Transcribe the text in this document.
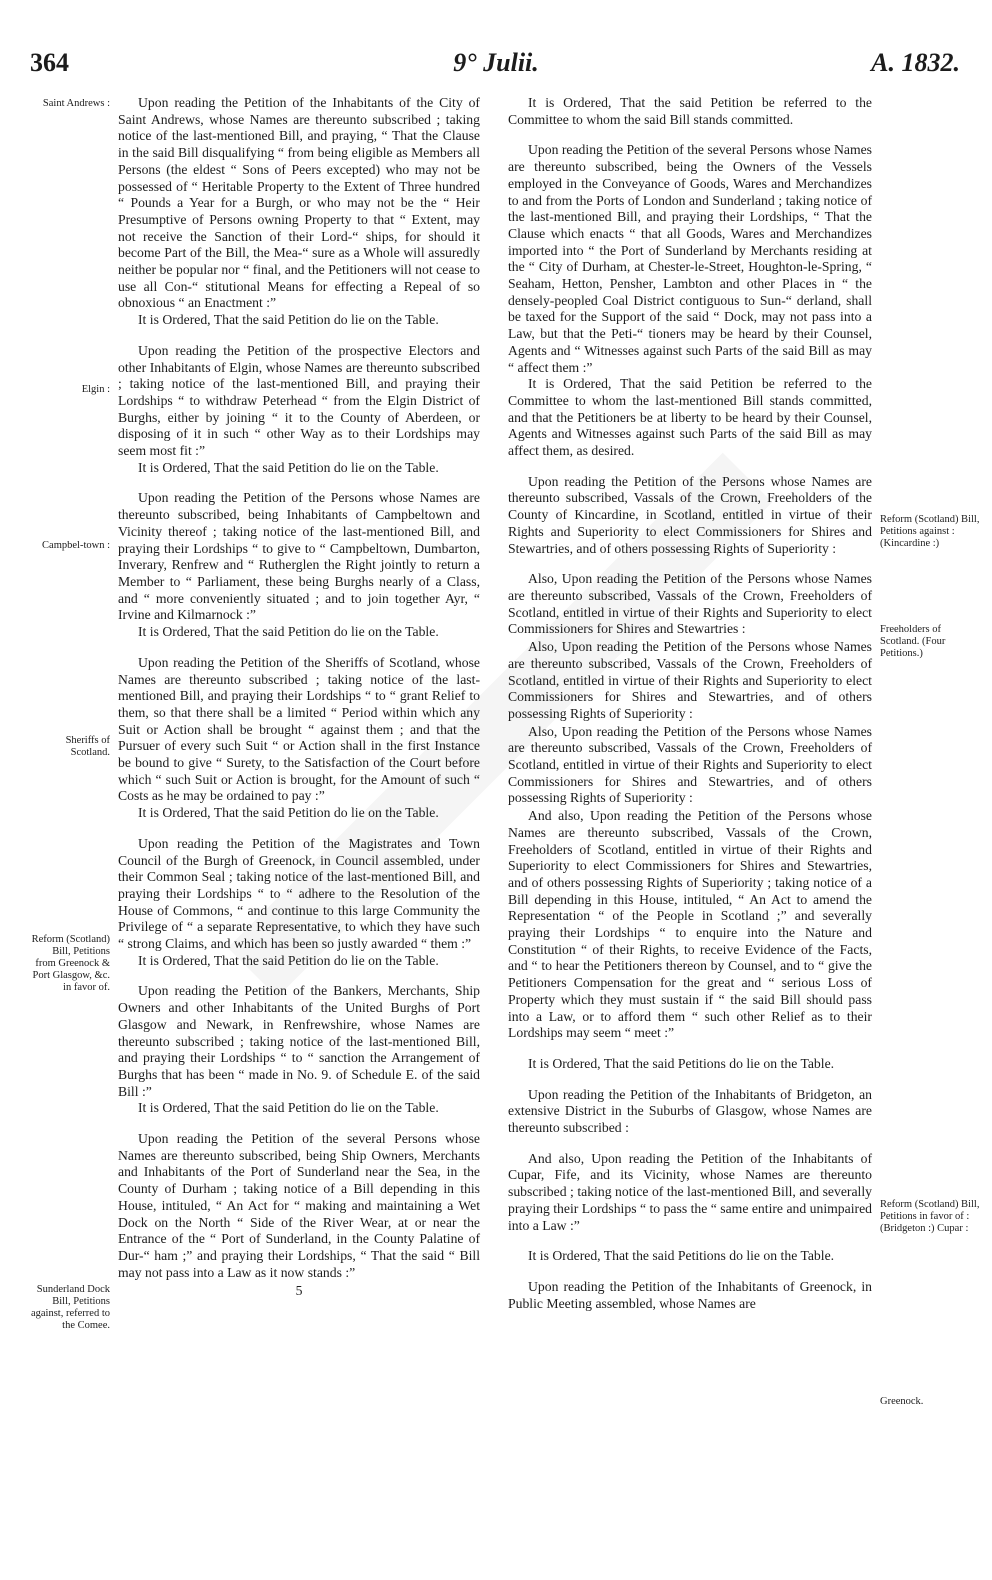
364	9° Julii.	A. 1832.
Saint Andrews :
Elgin :
Campbel-town :
Sheriffs of Scotland.
Reform (Scotland) Bill, Petitions from Greenock & Port Glasgow, &c. in favor of.
Sunderland Dock Bill, Petitions against, referred to the Comee.
Reform (Scotland) Bill, Petitions against : (Kincardine :)
Freeholders of Scotland. (Four Petitions.)
Reform (Scotland) Bill, Petitions in favor of : (Bridgeton :) Cupar :
Greenock.

Upon reading the Petition of the Inhabitants of the City of Saint Andrews, whose Names are thereunto subscribed ; taking notice of the last-mentioned Bill, and praying, “ That the Clause in the said Bill disqualifying “ from being eligible as Members all Persons (the eldest “ Sons of Peers excepted) who may not be possessed of “ Heritable Property to the Extent of Three hundred “ Pounds a Year for a Burgh, or who may not be the “ Heir Presumptive of Persons owning Property to that “ Extent, may not receive the Sanction of their Lord-“ ships, for should it become Part of the Bill, the Mea-“ sure as a Whole will assuredly neither be popular nor “ final, and the Petitioners will not cease to use all Con-“ stitutional Means for effecting a Repeal of so obnoxious “ an Enactment :”

It is Ordered, That the said Petition do lie on the Table.

Upon reading the Petition of the prospective Electors and other Inhabitants of Elgin, whose Names are thereunto subscribed ; taking notice of the last-mentioned Bill, and praying their Lordships “ to withdraw Peterhead “ from the Elgin District of Burghs, either by joining “ it to the County of Aberdeen, or disposing of it in such “ other Way as to their Lordships may seem most fit :”

It is Ordered, That the said Petition do lie on the Table.

Upon reading the Petition of the Persons whose Names are thereunto subscribed, being Inhabitants of Campbeltown and Vicinity thereof ; taking notice of the last-mentioned Bill, and praying their Lordships “ to give to “ Campbeltown, Dumbarton, Inverary, Renfrew and “ Rutherglen the Right jointly to return a Member to “ Parliament, these being Burghs nearly of a Class, and “ more conveniently situated ; and to join together Ayr, “ Irvine and Kilmarnock :”

It is Ordered, That the said Petition do lie on the Table.

Upon reading the Petition of the Sheriffs of Scotland, whose Names are thereunto subscribed ; taking notice of the last-mentioned Bill, and praying their Lordships “ to “ grant Relief to them, so that there shall be a limited “ Period within which any Suit or Action shall be brought “ against them ; and that the Pursuer of every such Suit “ or Action shall in the first Instance be bound to give “ Surety, to the Satisfaction of the Court before which “ such Suit or Action is brought, for the Amount of such “ Costs as he may be ordained to pay :”

It is Ordered, That the said Petition do lie on the Table.

Upon reading the Petition of the Magistrates and Town Council of the Burgh of Greenock, in Council assembled, under their Common Seal ; taking notice of the last-mentioned Bill, and praying their Lordships “ to “ adhere to the Resolution of the House of Commons, “ and continue to this large Community the Privilege of “ a separate Representative, to which they have such “ strong Claims, and which has been so justly awarded “ them :”

It is Ordered, That the said Petition do lie on the Table.

Upon reading the Petition of the Bankers, Merchants, Ship Owners and other Inhabitants of the United Burghs of Port Glasgow and Newark, in Renfrewshire, whose Names are thereunto subscribed ; taking notice of the last-mentioned Bill, and praying their Lordships “ to “ sanction the Arrangement of Burghs that has been “ made in No. 9. of Schedule E. of the said Bill :”

It is Ordered, That the said Petition do lie on the Table.

Upon reading the Petition of the several Persons whose Names are thereunto subscribed, being Ship Owners, Merchants and Inhabitants of the Port of Sunderland near the Sea, in the County of Durham ; taking notice of a Bill depending in this House, intituled, “ An Act for “ making and maintaining a Wet Dock on the North “ Side of the River Wear, at or near the Entrance of the “ Port of Sunderland, in the County Palatine of Dur-“ ham ;” and praying their Lordships, “ That the said “ Bill may not pass into a Law as it now stands :”

5

It is Ordered, That the said Petition be referred to the Committee to whom the said Bill stands committed.

Upon reading the Petition of the several Persons whose Names are thereunto subscribed, being the Owners of the Vessels employed in the Conveyance of Goods, Wares and Merchandizes to and from the Ports of London and Sunderland ; taking notice of the last-mentioned Bill, and praying their Lordships, “ That the Clause which enacts “ that all Goods, Wares and Merchandizes imported into “ the Port of Sunderland by Merchants residing at the “ City of Durham, at Chester-le-Street, Houghton-le-Spring, “ Seaham, Hetton, Pensher, Lambton and other Places in “ the densely-peopled Coal District contiguous to Sun-“ derland, shall be taxed for the Support of the said “ Dock, may not pass into a Law, but that the Peti-“ tioners may be heard by their Counsel, Agents and “ Witnesses against such Parts of the said Bill as may “ affect them :”

It is Ordered, That the said Petition be referred to the Committee to whom the last-mentioned Bill stands committed, and that the Petitioners be at liberty to be heard by their Counsel, Agents and Witnesses against such Parts of the said Bill as may affect them, as desired.

Upon reading the Petition of the Persons whose Names are thereunto subscribed, Vassals of the Crown, Freeholders of the County of Kincardine, in Scotland, entitled in virtue of their Rights and Superiority to elect Commissioners for Shires and Stewartries, and of others possessing Rights of Superiority :

Also, Upon reading the Petition of the Persons whose Names are thereunto subscribed, Vassals of the Crown, Freeholders of Scotland, entitled in virtue of their Rights and Superiority to elect Commissioners for Shires and Stewartries :

Also, Upon reading the Petition of the Persons whose Names are thereunto subscribed, Vassals of the Crown, Freeholders of Scotland, entitled in virtue of their Rights and Superiority to elect Commissioners for Shires and Stewartries, and of others possessing Rights of Superiority :

Also, Upon reading the Petition of the Persons whose Names are thereunto subscribed, Vassals of the Crown, Freeholders of Scotland, entitled in virtue of their Rights and Superiority to elect Commissioners for Shires and Stewartries, and of others possessing Rights of Superiority :

And also, Upon reading the Petition of the Persons whose Names are thereunto subscribed, Vassals of the Crown, Freeholders of Scotland, entitled in virtue of their Rights and Superiority to elect Commissioners for Shires and Stewartries, and of others possessing Rights of Superiority ; taking notice of a Bill depending in this House, intituled, “ An Act to amend the Representation “ of the People in Scotland ;” and severally praying their Lordships “ to enquire into the Nature and Constitution “ of their Rights, to receive Evidence of the Facts, and “ to hear the Petitioners thereon by Counsel, and to “ give the Petitioners Compensation for the great and “ serious Loss of Property which they must sustain if “ the said Bill should pass into a Law, or to afford them “ such other Relief as to their Lordships may seem “ meet :”

It is Ordered, That the said Petitions do lie on the Table.

Upon reading the Petition of the Inhabitants of Bridgeton, an extensive District in the Suburbs of Glasgow, whose Names are thereunto subscribed :

And also, Upon reading the Petition of the Inhabitants of Cupar, Fife, and its Vicinity, whose Names are thereunto subscribed ; taking notice of the last-mentioned Bill, and severally praying their Lordships “ to pass the “ same entire and unimpaired into a Law :”

It is Ordered, That the said Petitions do lie on the Table.

Upon reading the Petition of the Inhabitants of Greenock, in Public Meeting assembled, whose Names are
